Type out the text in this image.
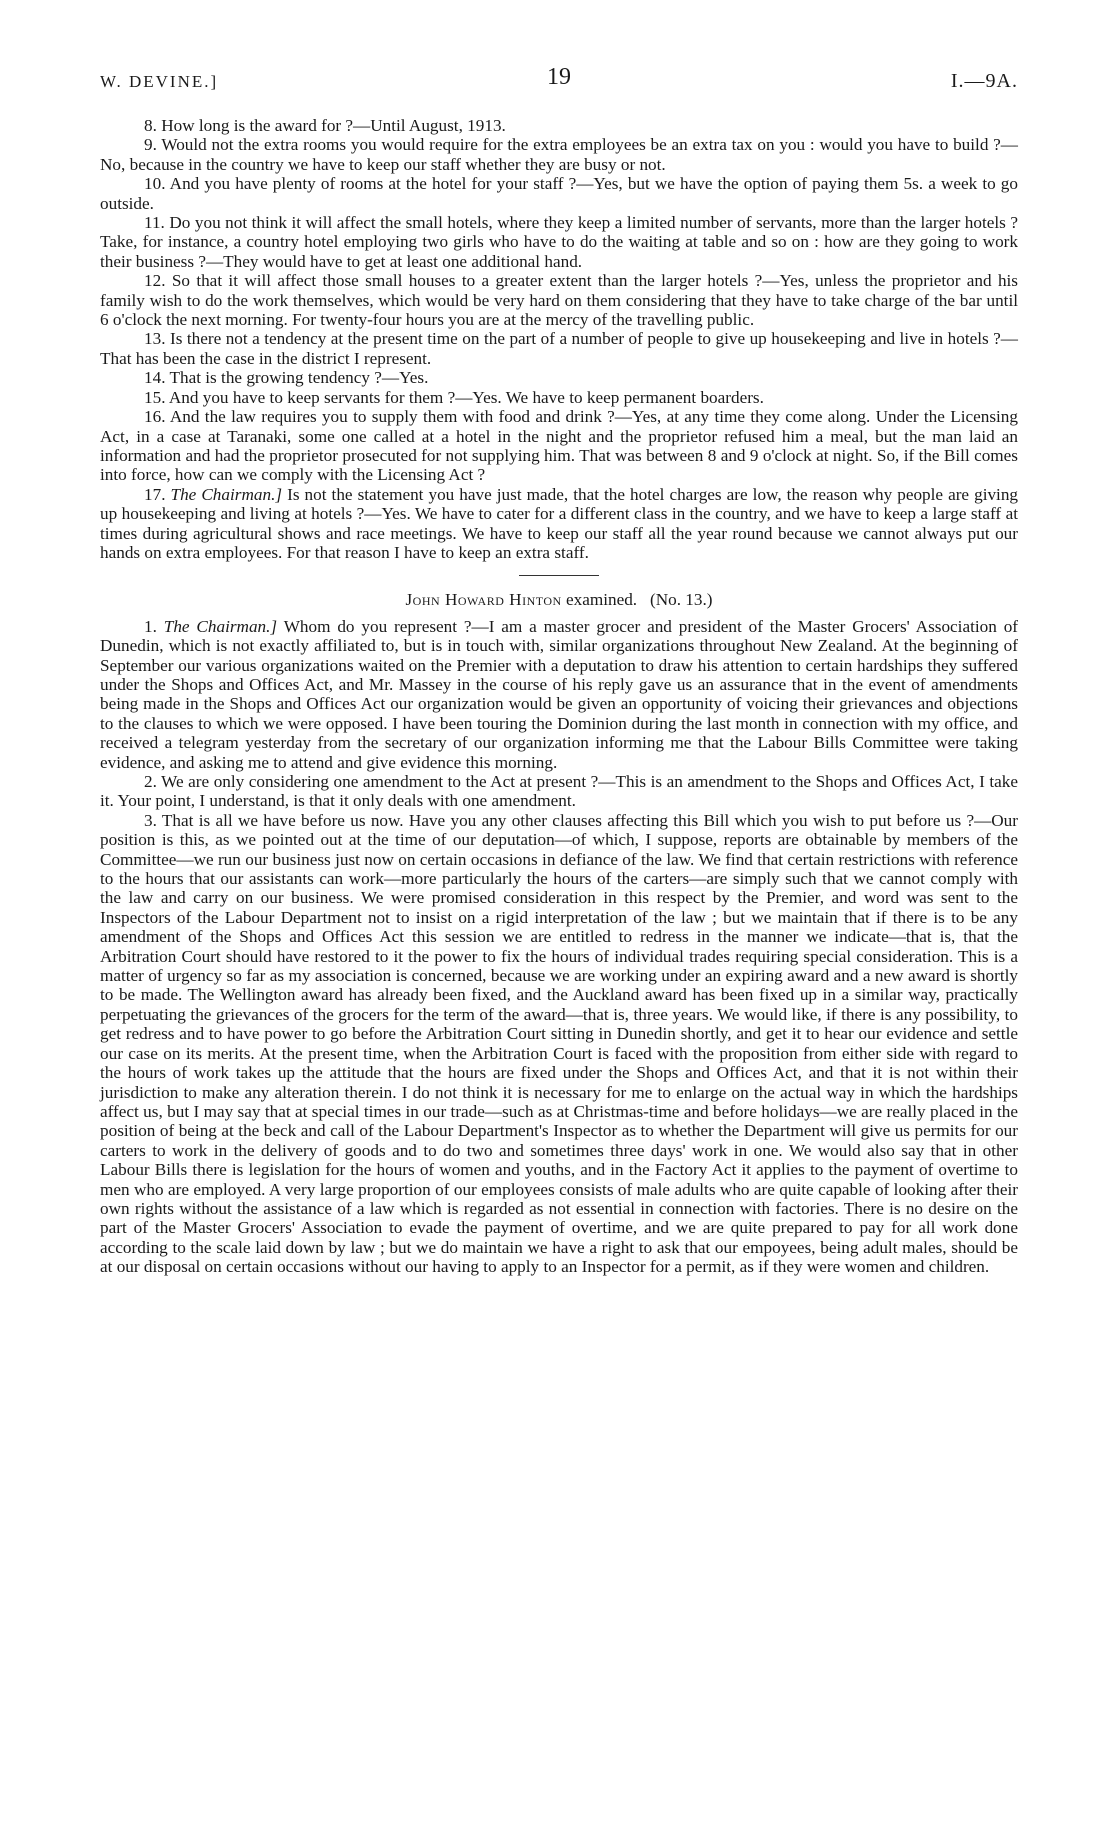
W. DEVINE.]	19	I.—9A.

8. How long is the award for ?—Until August, 1913.

9. Would not the extra rooms you would require for the extra employees be an extra tax on you : would you have to build ?—No, because in the country we have to keep our staff whether they are busy or not.

10. And you have plenty of rooms at the hotel for your staff ?—Yes, but we have the option of paying them 5s. a week to go outside.

11. Do you not think it will affect the small hotels, where they keep a limited number of servants, more than the larger hotels ? Take, for instance, a country hotel employing two girls who have to do the waiting at table and so on : how are they going to work their business ?—They would have to get at least one additional hand.

12. So that it will affect those small houses to a greater extent than the larger hotels ?—Yes, unless the proprietor and his family wish to do the work themselves, which would be very hard on them considering that they have to take charge of the bar until 6 o'clock the next morning. For twenty-four hours you are at the mercy of the travelling public.

13. Is there not a tendency at the present time on the part of a number of people to give up housekeeping and live in hotels ?—That has been the case in the district I represent.

14. That is the growing tendency ?—Yes.

15. And you have to keep servants for them ?—Yes. We have to keep permanent boarders.

16. And the law requires you to supply them with food and drink ?—Yes, at any time they come along. Under the Licensing Act, in a case at Taranaki, some one called at a hotel in the night and the proprietor refused him a meal, but the man laid an information and had the proprietor prosecuted for not supplying him. That was between 8 and 9 o'clock at night. So, if the Bill comes into force, how can we comply with the Licensing Act ?

17. The Chairman.] Is not the statement you have just made, that the hotel charges are low, the reason why people are giving up housekeeping and living at hotels ?—Yes. We have to cater for a different class in the country, and we have to keep a large staff at times during agricultural shows and race meetings. We have to keep our staff all the year round because we cannot always put our hands on extra employees. For that reason I have to keep an extra staff.

John Howard Hinton examined. (No. 13.)

1. The Chairman.] Whom do you represent ?—I am a master grocer and president of the Master Grocers' Association of Dunedin, which is not exactly affiliated to, but is in touch with, similar organizations throughout New Zealand. At the beginning of September our various organizations waited on the Premier with a deputation to draw his attention to certain hardships they suffered under the Shops and Offices Act, and Mr. Massey in the course of his reply gave us an assurance that in the event of amendments being made in the Shops and Offices Act our organization would be given an opportunity of voicing their grievances and objections to the clauses to which we were opposed. I have been touring the Dominion during the last month in connection with my office, and received a telegram yesterday from the secretary of our organization informing me that the Labour Bills Committee were taking evidence, and asking me to attend and give evidence this morning.

2. We are only considering one amendment to the Act at present ?—This is an amendment to the Shops and Offices Act, I take it. Your point, I understand, is that it only deals with one amendment.

3. That is all we have before us now. Have you any other clauses affecting this Bill which you wish to put before us ?—Our position is this, as we pointed out at the time of our deputation—of which, I suppose, reports are obtainable by members of the Committee—we run our business just now on certain occasions in defiance of the law. We find that certain restrictions with reference to the hours that our assistants can work—more particularly the hours of the carters—are simply such that we cannot comply with the law and carry on our business. We were promised consideration in this respect by the Premier, and word was sent to the Inspectors of the Labour Department not to insist on a rigid interpretation of the law ; but we maintain that if there is to be any amendment of the Shops and Offices Act this session we are entitled to redress in the manner we indicate—that is, that the Arbitration Court should have restored to it the power to fix the hours of individual trades requiring special consideration. This is a matter of urgency so far as my association is concerned, because we are working under an expiring award and a new award is shortly to be made. The Wellington award has already been fixed, and the Auckland award has been fixed up in a similar way, practically perpetuating the grievances of the grocers for the term of the award—that is, three years. We would like, if there is any possibility, to get redress and to have power to go before the Arbitration Court sitting in Dunedin shortly, and get it to hear our evidence and settle our case on its merits. At the present time, when the Arbitration Court is faced with the proposition from either side with regard to the hours of work takes up the attitude that the hours are fixed under the Shops and Offices Act, and that it is not within their jurisdiction to make any alteration therein. I do not think it is necessary for me to enlarge on the actual way in which the hardships affect us, but I may say that at special times in our trade—such as at Christmas-time and before holidays—we are really placed in the position of being at the beck and call of the Labour Department's Inspector as to whether the Department will give us permits for our carters to work in the delivery of goods and to do two and sometimes three days' work in one. We would also say that in other Labour Bills there is legislation for the hours of women and youths, and in the Factory Act it applies to the payment of overtime to men who are employed. A very large proportion of our employees consists of male adults who are quite capable of looking after their own rights without the assistance of a law which is regarded as not essential in connection with factories. There is no desire on the part of the Master Grocers' Association to evade the payment of overtime, and we are quite prepared to pay for all work done according to the scale laid down by law ; but we do maintain we have a right to ask that our empoyees, being adult males, should be at our disposal on certain occasions without our having to apply to an Inspector for a permit, as if they were women and children.
